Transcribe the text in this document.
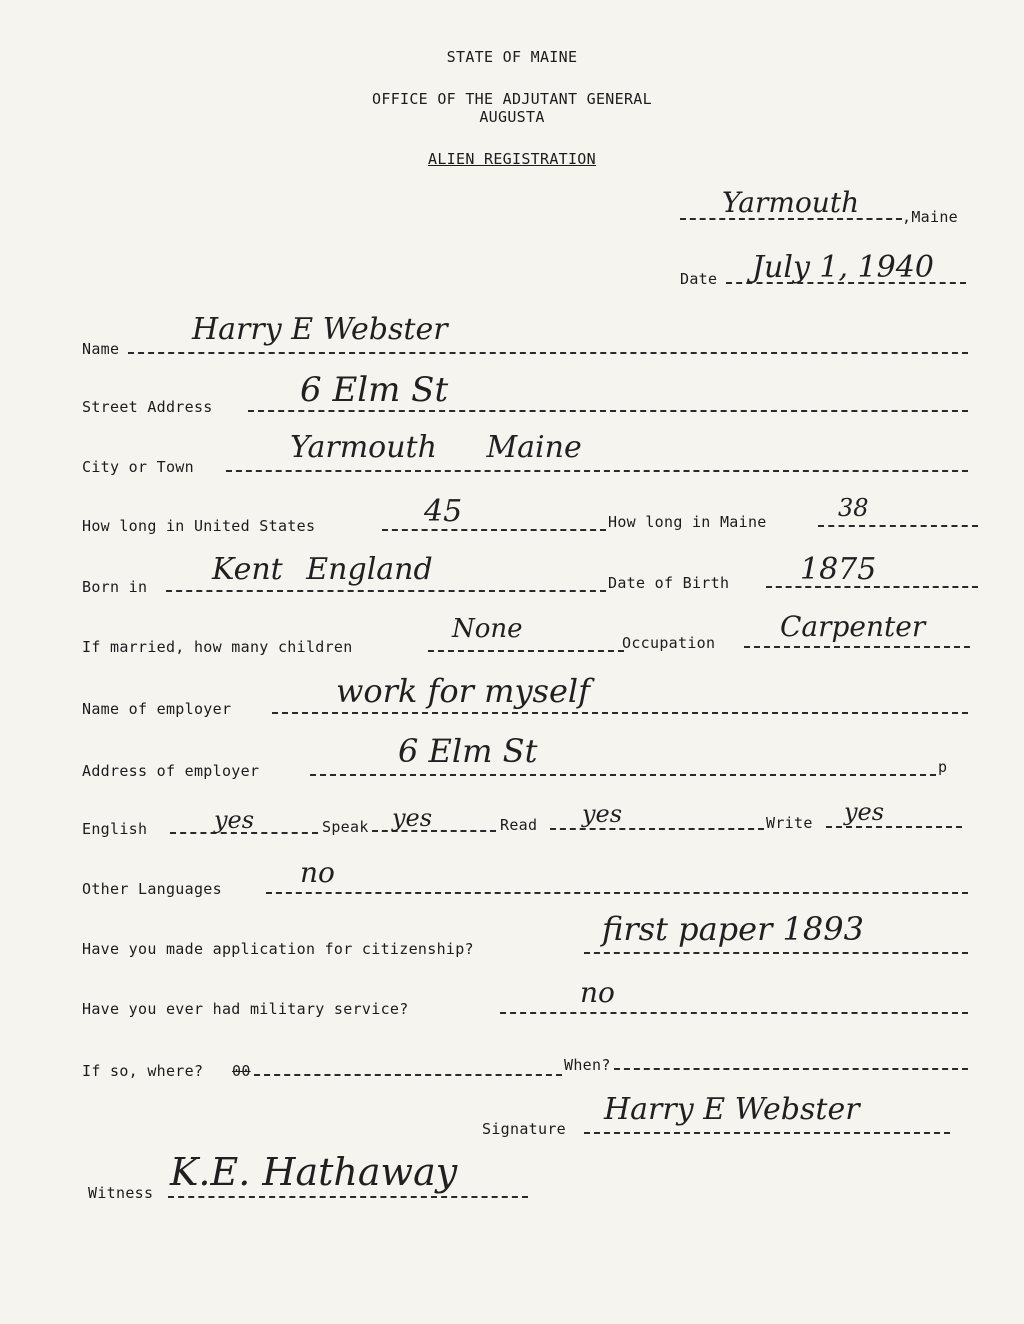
STATE OF MAINE
OFFICE OF THE ADJUTANT GENERAL
AUGUSTA
ALIEN REGISTRATION
Yarmouth	,Maine
Date July 1, 1940
Name
Harry E Webster
Street Address	6 Elm St
City or Town
Yarmouth Maine
How long in United States	45	How long in Maine	38
Born in Kent England	Date of Birth 1875
If married, how many children
None	Occupation Carpenter
Name of employer	work for myself
Address of employer	p
6 Elm St
English	yes	Speak yes	Read yes	Write yes
Other Languages	no
Have you made application for citizenship?
first paper 1893
Have you ever had military service?	no
If so, where? 00	When?
Signature
Harry E Webster
Witness K.E. Hathaway
